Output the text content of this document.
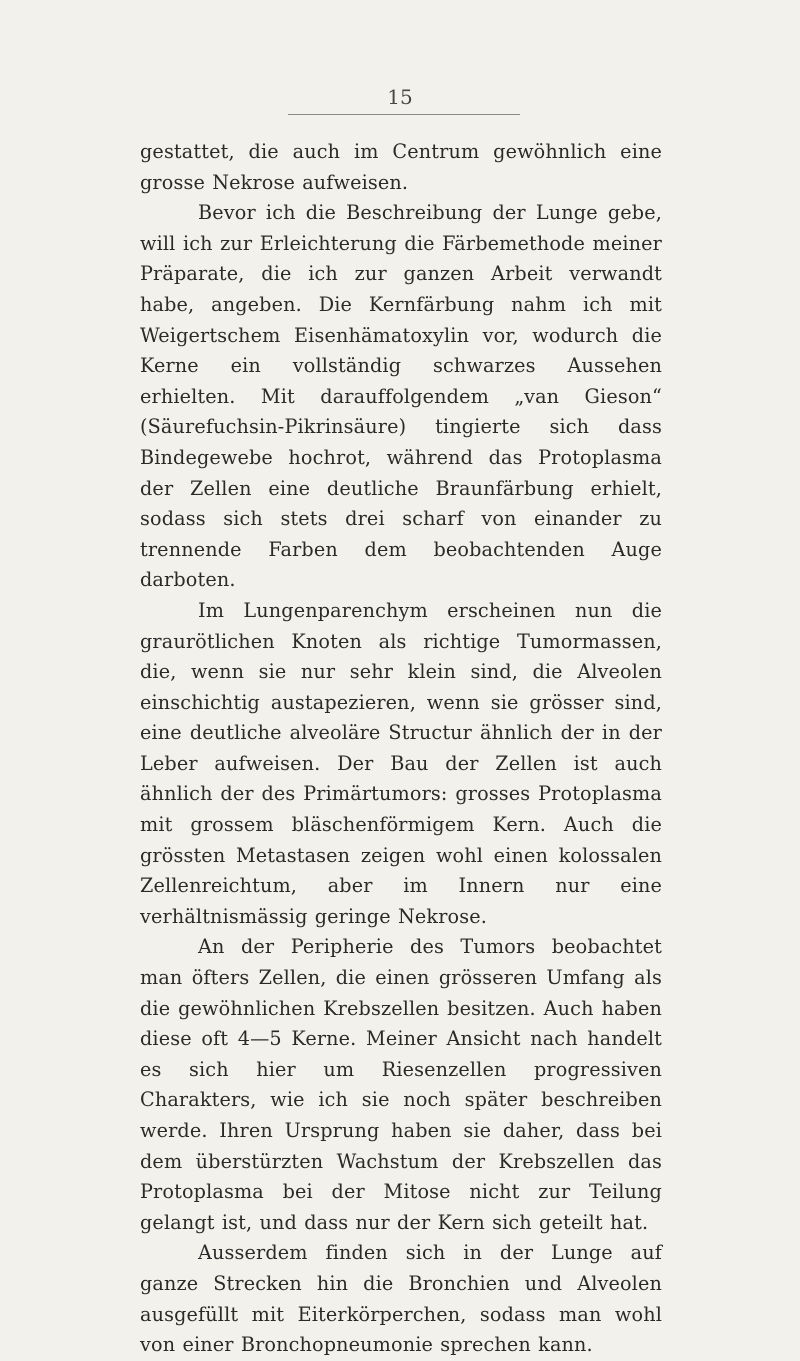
15

gestattet, die auch im Centrum gewöhnlich eine grosse Nekrose aufweisen.

Bevor ich die Beschreibung der Lunge gebe, will ich zur Erleichterung die Färbemethode meiner Präparate, die ich zur ganzen Arbeit verwandt habe, angeben. Die Kernfärbung nahm ich mit Weigertschem Eisenhämatoxylin vor, wodurch die Kerne ein vollständig schwarzes Aussehen erhielten. Mit darauffolgendem „van Gieson“ (Säurefuchsin-Pikrinsäure) tingierte sich dass Bindegewebe hochrot, während das Protoplasma der Zellen eine deutliche Braunfärbung erhielt, sodass sich stets drei scharf von einander zu trennende Farben dem beobachtenden Auge darboten.

Im Lungenparenchym erscheinen nun die graurötlichen Knoten als richtige Tumormassen, die, wenn sie nur sehr klein sind, die Alveolen einschichtig austapezieren, wenn sie grösser sind, eine deutliche alveoläre Structur ähnlich der in der Leber aufweisen. Der Bau der Zellen ist auch ähnlich der des Primärtumors: grosses Protoplasma mit grossem bläschenförmigem Kern. Auch die grössten Metastasen zeigen wohl einen kolossalen Zellenreichtum, aber im Innern nur eine verhältnismässig geringe Nekrose.

An der Peripherie des Tumors beobachtet man öfters Zellen, die einen grösseren Umfang als die gewöhnlichen Krebszellen besitzen. Auch haben diese oft 4—5 Kerne. Meiner Ansicht nach handelt es sich hier um Riesenzellen progressiven Charakters, wie ich sie noch später beschreiben werde. Ihren Ursprung haben sie daher, dass bei dem überstürzten Wachstum der Krebszellen das Protoplasma bei der Mitose nicht zur Teilung gelangt ist, und dass nur der Kern sich geteilt hat.

Ausserdem finden sich in der Lunge auf ganze Strecken hin die Bronchien und Alveolen ausgefüllt mit Eiterkörperchen, sodass man wohl von einer Bronchopneumonie sprechen kann.
